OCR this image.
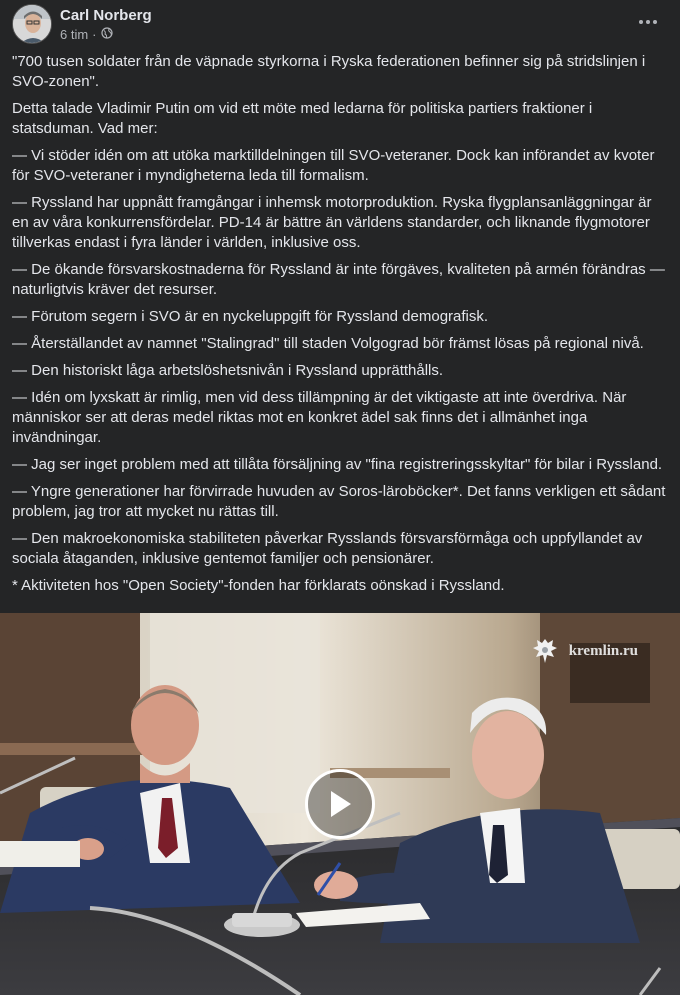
Carl Norberg
6 tim ·

"700 tusen soldater från de väpnade styrkorna i Ryska federationen befinner sig på stridslinjen i SVO-zonen".

Detta talade Vladimir Putin om vid ett möte med ledarna för politiska partiers fraktioner i statsduman. Vad mer:

— Vi stöder idén om att utöka marktilldelningen till SVO-veteraner. Dock kan införandet av kvoter för SVO-veteraner i myndigheterna leda till formalism.

— Ryssland har uppnått framgångar i inhemsk motorproduktion. Ryska flygplansanläggningar är en av våra konkurrensfördelar. PD-14 är bättre än världens standarder, och liknande flygmotorer tillverkas endast i fyra länder i världen, inklusive oss.

— De ökande försvarskostnaderna för Ryssland är inte förgäves, kvaliteten på armén förändras — naturligtvis kräver det resurser.

— Förutom segern i SVO är en nyckeluppgift för Ryssland demografisk.

— Återställandet av namnet "Stalingrad" till staden Volgograd bör främst lösas på regional nivå.

— Den historiskt låga arbetslöshetsnivån i Ryssland upprätthålls.

— Idén om lyxskatt är rimlig, men vid dess tillämpning är det viktigaste att inte överdriva. När människor ser att deras medel riktas mot en konkret ädel sak finns det i allmänhet inga invändningar.

— Jag ser inget problem med att tillåta försäljning av "fina registreringsskyltar" för bilar i Ryssland.

— Yngre generationer har förvirrade huvuden av Soros-läroböcker*. Det fanns verkligen ett sådant problem, jag tror att mycket nu rättas till.

— Den makroekonomiska stabiliteten påverkar Rysslands försvarsförmåga och uppfyllandet av sociala åtaganden, inklusive gentemot familjer och pensionärer.

* Aktiviteten hos "Open Society"-fonden har förklarats oönskad i Ryssland.

kremlin.ru
